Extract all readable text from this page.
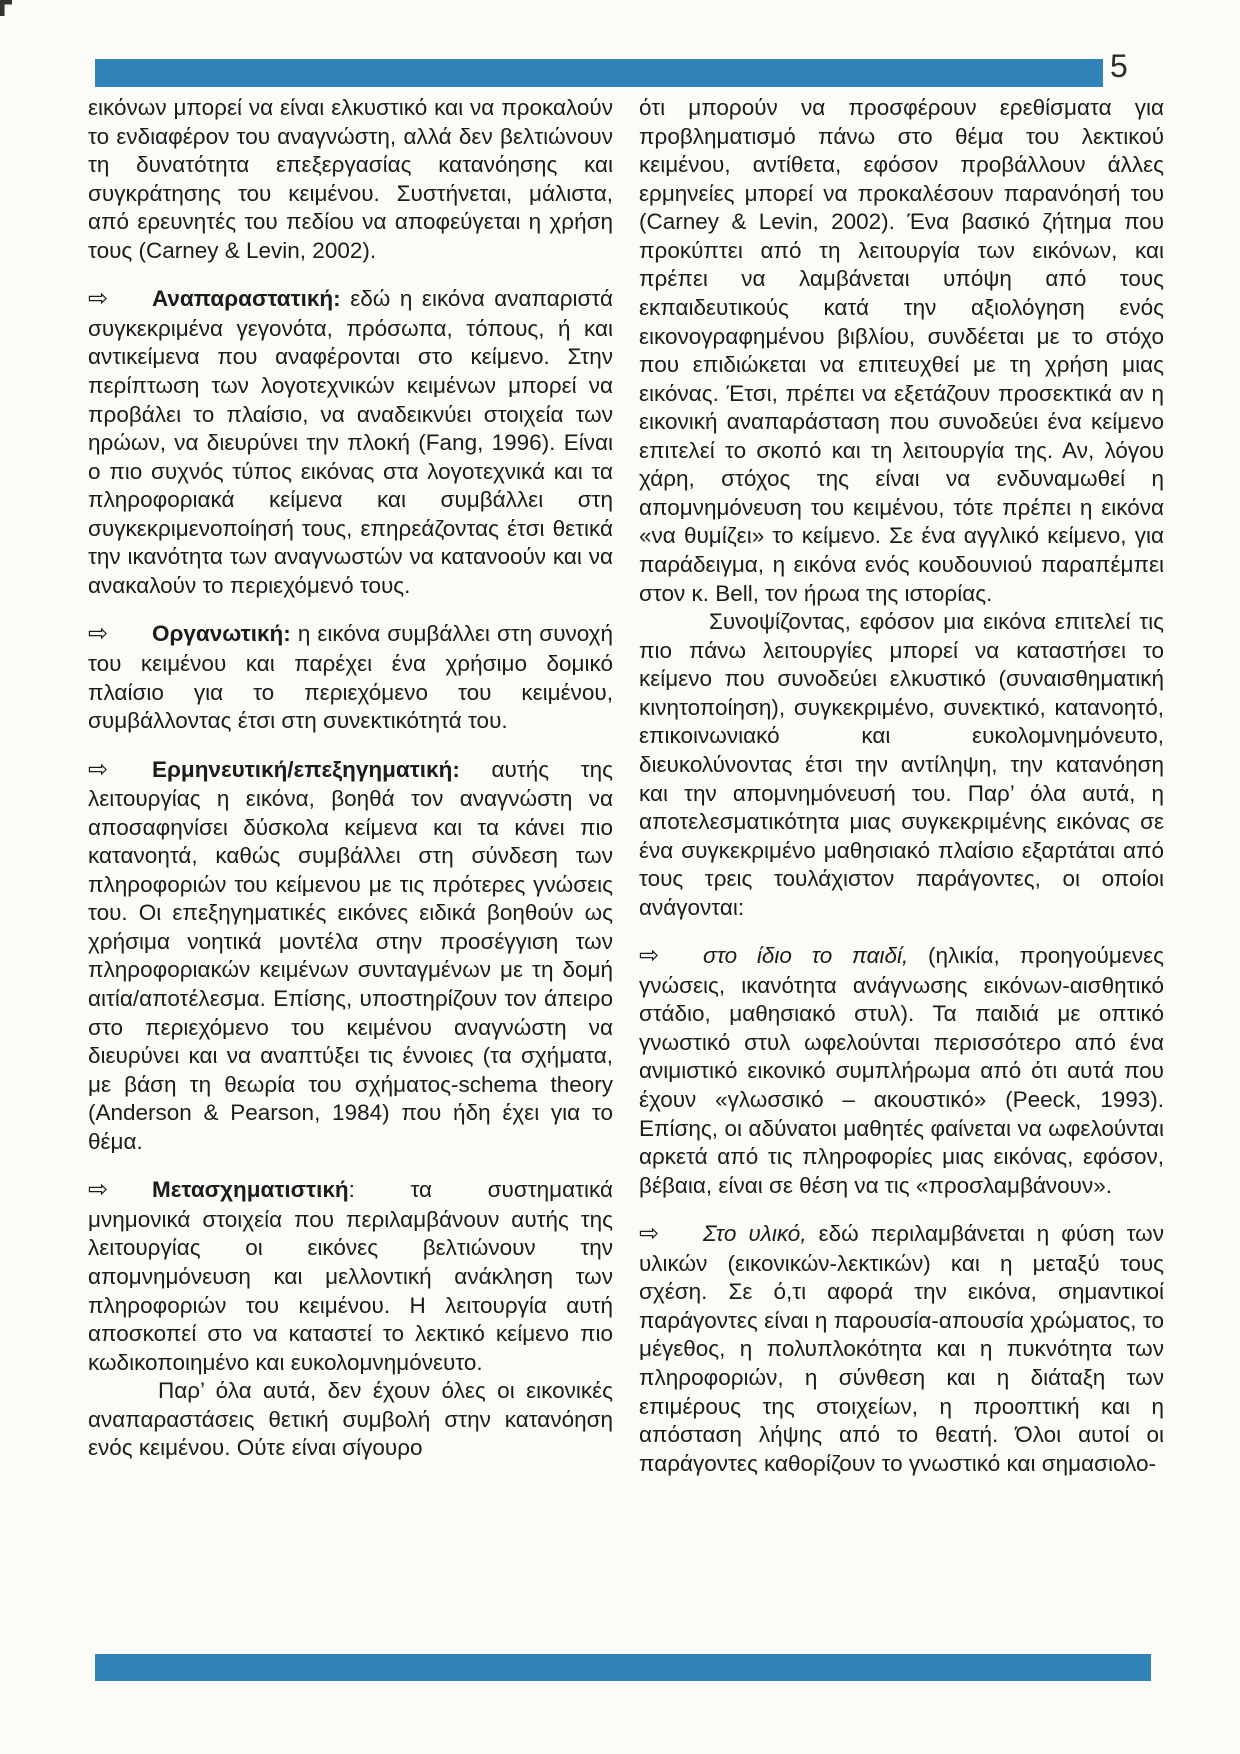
5

εικόνων μπορεί να είναι ελκυστικό και να προκαλούν το ενδιαφέρον του αναγνώστη, αλλά δεν βελτιώνουν τη δυνατότητα επεξεργασίας κατανόησης και συγκράτησης του κειμένου. Συστήνεται, μάλιστα, από ερευνητές του πεδίου να αποφεύγεται η χρήση τους (Carney & Levin, 2002).

⇨ Αναπαραστατική: εδώ η εικόνα αναπαριστά συγκεκριμένα γεγονότα, πρόσωπα, τόπους, ή και αντικείμενα που αναφέρονται στο κείμενο. Στην περίπτωση των λογοτεχνικών κειμένων μπορεί να προβάλει το πλαίσιο, να αναδεικνύει στοιχεία των ηρώων, να διευρύνει την πλοκή (Fang, 1996). Είναι ο πιο συχνός τύπος εικόνας στα λογοτεχνικά και τα πληροφοριακά κείμενα και συμβάλλει στη συγκεκριμενοποίησή τους, επηρεάζοντας έτσι θετικά την ικανότητα των αναγνωστών να κατανοούν και να ανακαλούν το περιεχόμενό τους.

⇨ Οργανωτική: η εικόνα συμβάλλει στη συνοχή του κειμένου και παρέχει ένα χρήσιμο δομικό πλαίσιο για το περιεχόμενο του κειμένου, συμβάλλοντας έτσι στη συνεκτικότητά του.

⇨ Ερμηνευτική/επεξηγηματική: αυτής της λειτουργίας η εικόνα, βοηθά τον αναγνώστη να αποσαφηνίσει δύσκολα κείμενα και τα κάνει πιο κατανοητά, καθώς συμβάλλει στη σύνδεση των πληροφοριών του κείμενου με τις πρότερες γνώσεις του. Οι επεξηγηματικές εικόνες ειδικά βοηθούν ως χρήσιμα νοητικά μοντέλα στην προσέγγιση των πληροφοριακών κειμένων συνταγμένων με τη δομή αιτία/αποτέλεσμα. Επίσης, υποστηρίζουν τον άπειρο στο περιεχόμενο του κειμένου αναγνώστη να διευρύνει και να αναπτύξει τις έννοιες (τα σχήματα, με βάση τη θεωρία του σχήματος-schema theory (Anderson & Pearson, 1984) που ήδη έχει για το θέμα.

⇨ Μετασχηματιστική: τα συστηματικά μνημονικά στοιχεία που περιλαμβάνουν αυτής της λειτουργίας οι εικόνες βελτιώνουν την απομνημόνευση και μελλοντική ανάκληση των πληροφοριών του κειμένου. Η λειτουργία αυτή αποσκοπεί στο να καταστεί το λεκτικό κείμενο πιο κωδικοποιημένο και ευκολομνημόνευτο.

Παρ’ όλα αυτά, δεν έχουν όλες οι εικονικές αναπαραστάσεις θετική συμβολή στην κατανόηση ενός κειμένου. Ούτε είναι σίγουρο

ότι μπορούν να προσφέρουν ερεθίσματα για προβληματισμό πάνω στο θέμα του λεκτικού κειμένου, αντίθετα, εφόσον προβάλλουν άλλες ερμηνείες μπορεί να προκαλέσουν παρανόησή του (Carney & Levin, 2002). Ένα βασικό ζήτημα που προκύπτει από τη λειτουργία των εικόνων, και πρέπει να λαμβάνεται υπόψη από τους εκπαιδευτικούς κατά την αξιολόγηση ενός εικονογραφημένου βιβλίου, συνδέεται με το στόχο που επιδιώκεται να επιτευχθεί με τη χρήση μιας εικόνας. Έτσι, πρέπει να εξετάζουν προσεκτικά αν η εικονική αναπαράσταση που συνοδεύει ένα κείμενο επιτελεί το σκοπό και τη λειτουργία της. Αν, λόγου χάρη, στόχος της είναι να ενδυναμωθεί η απομνημόνευση του κειμένου, τότε πρέπει η εικόνα «να θυμίζει» το κείμενο. Σε ένα αγγλικό κείμενο, για παράδειγμα, η εικόνα ενός κουδουνιού παραπέμπει στον κ. Bell, τον ήρωα της ιστορίας.

Συνοψίζοντας, εφόσον μια εικόνα επιτελεί τις πιο πάνω λειτουργίες μπορεί να καταστήσει το κείμενο που συνοδεύει ελκυστικό (συναισθηματική κινητοποίηση), συγκεκριμένο, συνεκτικό, κατανοητό, επικοινωνιακό και ευκολομνημόνευτο, διευκολύνοντας έτσι την αντίληψη, την κατανόηση και την απομνημόνευσή του. Παρ’ όλα αυτά, η αποτελεσματικότητα μιας συγκεκριμένης εικόνας σε ένα συγκεκριμένο μαθησιακό πλαίσιο εξαρτάται από τους τρεις τουλάχιστον παράγοντες, οι οποίοι ανάγονται:

⇨ στο ίδιο το παιδί, (ηλικία, προηγούμενες γνώσεις, ικανότητα ανάγνωσης εικόνων-αισθητικό στάδιο, μαθησιακό στυλ). Τα παιδιά με οπτικό γνωστικό στυλ ωφελούνται περισσότερο από ένα ανιμιστικό εικονικό συμπλήρωμα από ότι αυτά που έχουν «γλωσσικό – ακουστικό» (Peeck, 1993). Επίσης, οι αδύνατοι μαθητές φαίνεται να ωφελούνται αρκετά από τις πληροφορίες μιας εικόνας, εφόσον, βέβαια, είναι σε θέση να τις «προσλαμβάνουν».

⇨ Στο υλικό, εδώ περιλαμβάνεται η φύση των υλικών (εικονικών-λεκτικών) και η μεταξύ τους σχέση. Σε ό,τι αφορά την εικόνα, σημαντικοί παράγοντες είναι η παρουσία-απουσία χρώματος, το μέγεθος, η πολυπλοκότητα και η πυκνότητα των πληροφοριών, η σύνθεση και η διάταξη των επιμέρους της στοιχείων, η προοπτική και η απόσταση λήψης από το θεατή. Όλοι αυτοί οι παράγοντες καθορίζουν το γνωστικό και σημασιολο-
